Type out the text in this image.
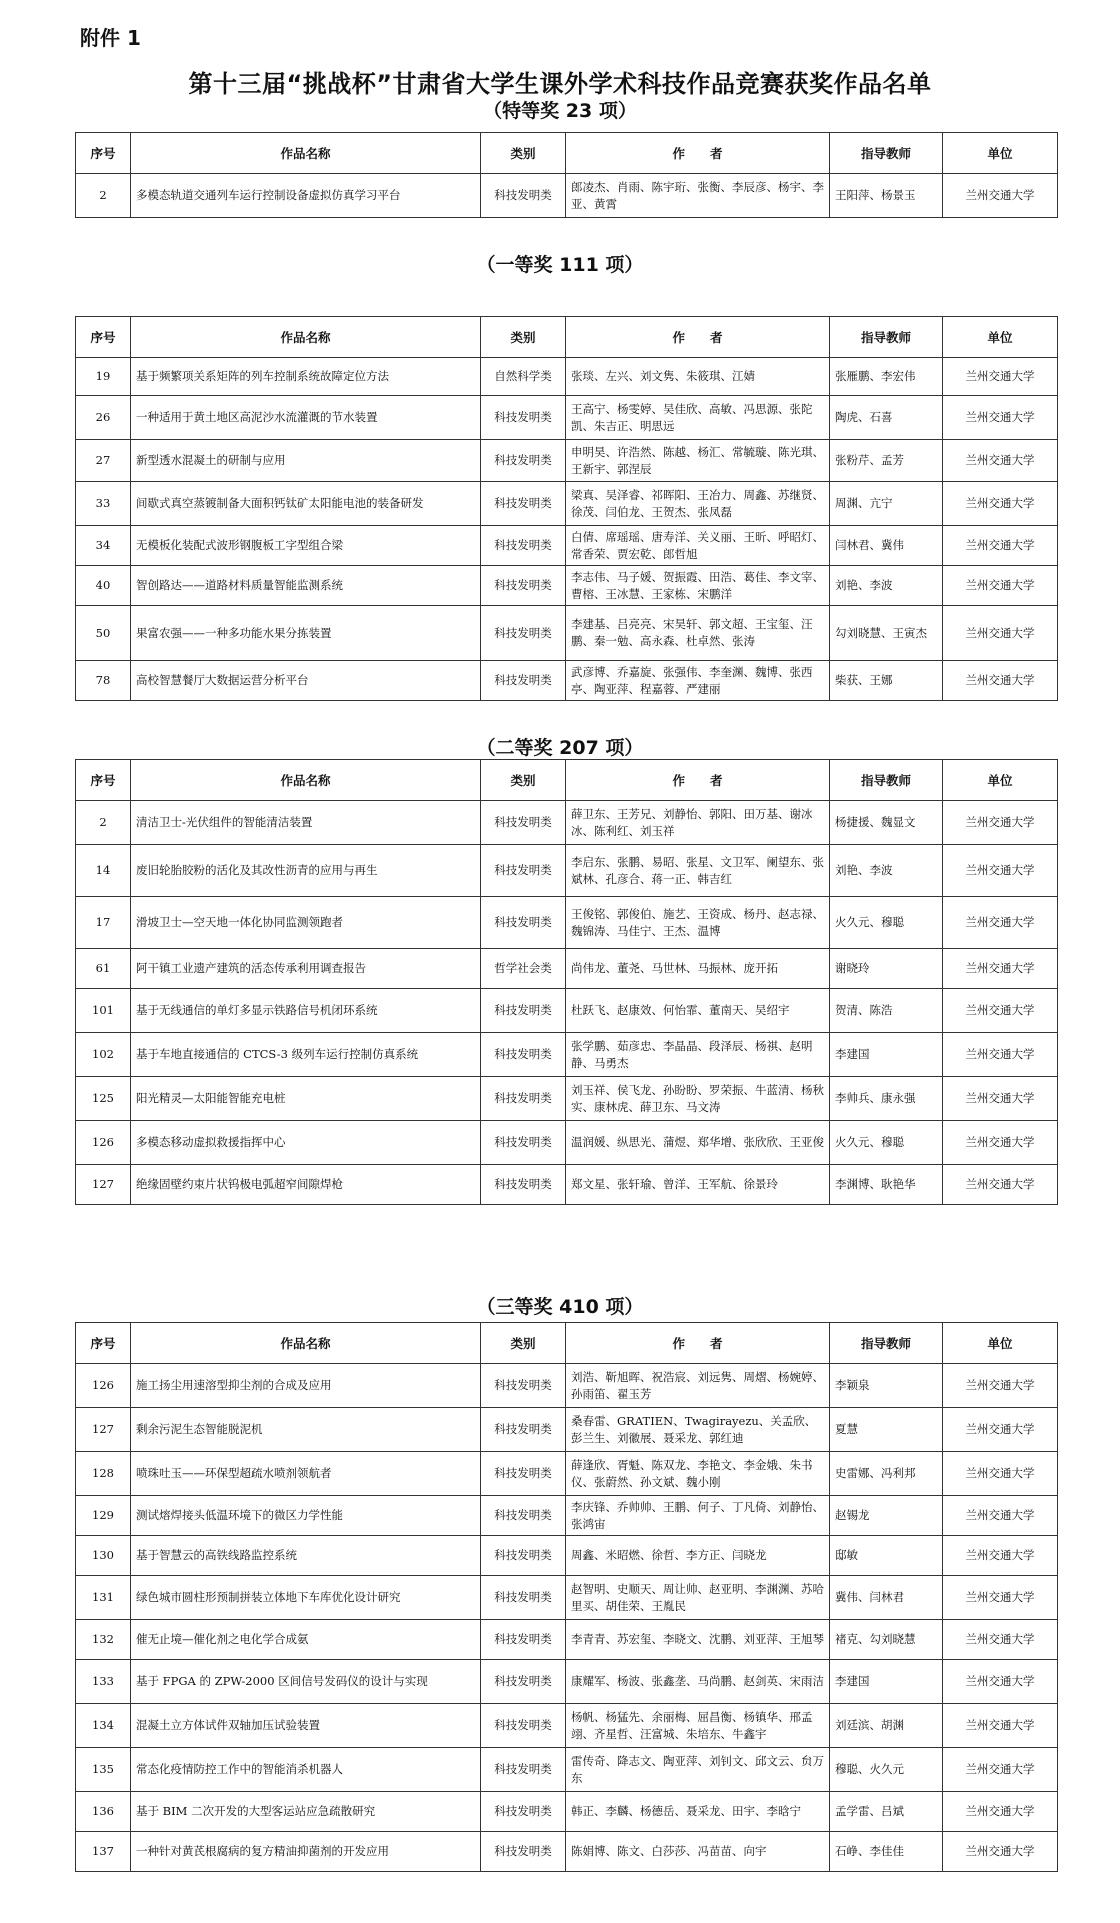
附件 1
第十三届“挑战杯”甘肃省大学生课外学术科技作品竞赛获奖作品名单
（特等奖 23 项）
序号	作品名称	类别	作　　者	指导教师	单位
2	多模态轨道交通列车运行控制设备虚拟仿真学习平台	科技发明类	郎凌杰、肖雨、陈宇珩、张衡、李辰彦、杨宇、李亚、黄霄	王阳萍、杨景玉	兰州交通大学
（一等奖 111 项）
序号	作品名称	类别	作　　者	指导教师	单位
19	基于频繁项关系矩阵的列车控制系统故障定位方法	自然科学类	张琰、左兴、刘文隽、朱筱琪、江婧	张雁鹏、李宏伟	兰州交通大学
26	一种适用于黄土地区高泥沙水流灌溉的节水装置	科技发明类	王高宁、杨雯婷、吴佳欣、高敏、冯思源、张陀凯、朱吉正、明思远	陶虎、石喜	兰州交通大学
27	新型透水混凝土的研制与应用	科技发明类	申明昊、许浩然、陈越、杨汇、常毓璇、陈光琪、王新宇、郭涅辰	张粉芹、孟芳	兰州交通大学
33	间歇式真空蒸镀制备大面积钙钛矿太阳能电池的装备研发	科技发明类	梁真、吴泽睿、祁晖阳、王冶力、周鑫、苏继贤、徐茂、闫伯龙、王贺杰、张凤磊	周渊、亢宁	兰州交通大学
34	无模板化装配式波形钢腹板工字型组合梁	科技发明类	白倩、席瑶瑶、唐寿洋、关义丽、王昕、呼昭灯、常香荣、贾宏乾、郎哲旭	闫林君、冀伟	兰州交通大学
40	智创路达——道路材料质量智能监测系统	科技发明类	李志伟、马子媛、贺振霞、田浩、葛佳、李文宰、曹榕、王冰慧、王家栋、宋鹏洋	刘艳、李波	兰州交通大学
50	果富农强——一种多功能水果分拣装置	科技发明类	李建基、吕亮亮、宋昊轩、郭文超、王宝玺、汪鹏、秦一勉、高永森、杜卓然、张涛	勾刘晓慧、王寅杰	兰州交通大学
78	高校智慧餐厅大数据运营分析平台	科技发明类	武彦博、乔嘉旋、张强伟、李奎渊、魏博、张西亭、陶亚萍、程嘉蓉、严建丽	柴获、王娜	兰州交通大学
（二等奖 207 项）
序号	作品名称	类别	作　　者	指导教师	单位
2	清洁卫士-光伏组件的智能清洁装置	科技发明类	薛卫东、王芳兄、刘静怡、郭阳、田万基、谢冰冰、陈利红、刘玉祥	杨捷援、魏显文	兰州交通大学
14	废旧轮胎胶粉的活化及其改性沥青的应用与再生	科技发明类	李启东、张鹏、易昭、张星、文卫军、阑望东、张斌林、孔彦合、蒋一正、韩吉红	刘艳、李波	兰州交通大学
17	滑坡卫士—空天地一体化协同监测领跑者	科技发明类	王俊铭、郭俊伯、施艺、王资成、杨丹、赵志禄、魏锦涛、马佳宁、王杰、温博	火久元、穆聪	兰州交通大学
61	阿干镇工业遗产建筑的活态传承利用调查报告	哲学社会类	尚伟龙、董尧、马世林、马振林、庞开拓	谢晓玲	兰州交通大学
101	基于无线通信的单灯多显示铁路信号机闭环系统	科技发明类	杜跃飞、赵康效、何怡霏、董南天、吴绍宇	贺清、陈浩	兰州交通大学
102	基于车地直接通信的 CTCS-3 级列车运行控制仿真系统	科技发明类	张学鹏、茹彦忠、李晶晶、段泽辰、杨祺、赵明静、马勇杰	李建国	兰州交通大学
125	阳光精灵—太阳能智能充电桩	科技发明类	刘玉祥、侯飞龙、孙盼盼、罗荣振、牛蓝清、杨秋实、康林虎、薛卫东、马文涛	李帅兵、康永强	兰州交通大学
126	多模态移动虚拟救援指挥中心	科技发明类	温润媛、纵思光、蒲煜、郑华增、张欣欣、王亚俊	火久元、穆聪	兰州交通大学
127	绝缘固壁约束片状钨极电弧超窄间隙焊枪	科技发明类	郑文星、张轩瑜、曾洋、王军航、徐景玲	李渊博、耿艳华	兰州交通大学
（三等奖 410 项）
序号	作品名称	类别	作　　者	指导教师	单位
126	施工扬尘用速溶型抑尘剂的合成及应用	科技发明类	刘浩、靳旭晖、祝浩宸、刘远隽、周熠、杨婉婷、孙雨笛、翟玉芳	李颖泉	兰州交通大学
127	剩余污泥生态智能脱泥机	科技发明类	桑春雷、GRATIEN、Twagirayezu、关孟欣、彭兰生、刘徽展、聂采龙、郭红迪	夏慧	兰州交通大学
128	喷珠吐玉——环保型超疏水喷剂领航者	科技发明类	薛逢欣、胥魁、陈双龙、李艳文、李金娥、朱书仪、张蔚然、孙文斌、魏小刚	史雷娜、冯利邦	兰州交通大学
129	测试熔焊接头低温环境下的微区力学性能	科技发明类	李庆锋、乔帅帅、王鹏、何子、丁凡倚、刘静怡、张鸿宙	赵锡龙	兰州交通大学
130	基于智慧云的高铁线路监控系统	科技发明类	周鑫、米昭燃、徐哲、李方正、闫晓龙	邸敏	兰州交通大学
131	绿色城市圆柱形预制拼装立体地下车库优化设计研究	科技发明类	赵智明、史顺天、周让帅、赵亚明、李渊渊、苏哈里买、胡佳荣、王胤民	冀伟、闫林君	兰州交通大学
132	催无止境—催化剂之电化学合成氨	科技发明类	李青青、苏宏玺、李晓文、沈鹏、刘亚萍、王旭琴	褚克、勾刘晓慧	兰州交通大学
133	基于 FPGA 的 ZPW-2000 区间信号发码仪的设计与实现	科技发明类	康耀军、杨波、张鑫垄、马尚鹏、赵剑英、宋雨洁	李建国	兰州交通大学
134	混凝土立方体试件双轴加压试验装置	科技发明类	杨帆、杨猛先、余丽梅、屈昌衡、杨镇华、邢孟翊、齐星哲、汪富城、朱培东、牛鑫宇	刘廷滨、胡渊	兰州交通大学
135	常态化疫情防控工作中的智能消杀机器人	科技发明类	雷传奇、降志文、陶亚萍、刘钊文、邱文云、贠万东	穆聪、火久元	兰州交通大学
136	基于 BIM 二次开发的大型客运站应急疏散研究	科技发明类	韩正、李麟、杨德岳、聂采龙、田宇、李晗宁	孟学雷、吕斌	兰州交通大学
137	一种针对黄芪根腐病的复方精油抑菌剂的开发应用	科技发明类	陈娟博、陈文、白莎莎、冯苗苗、向宇	石峥、李佳佳	兰州交通大学
